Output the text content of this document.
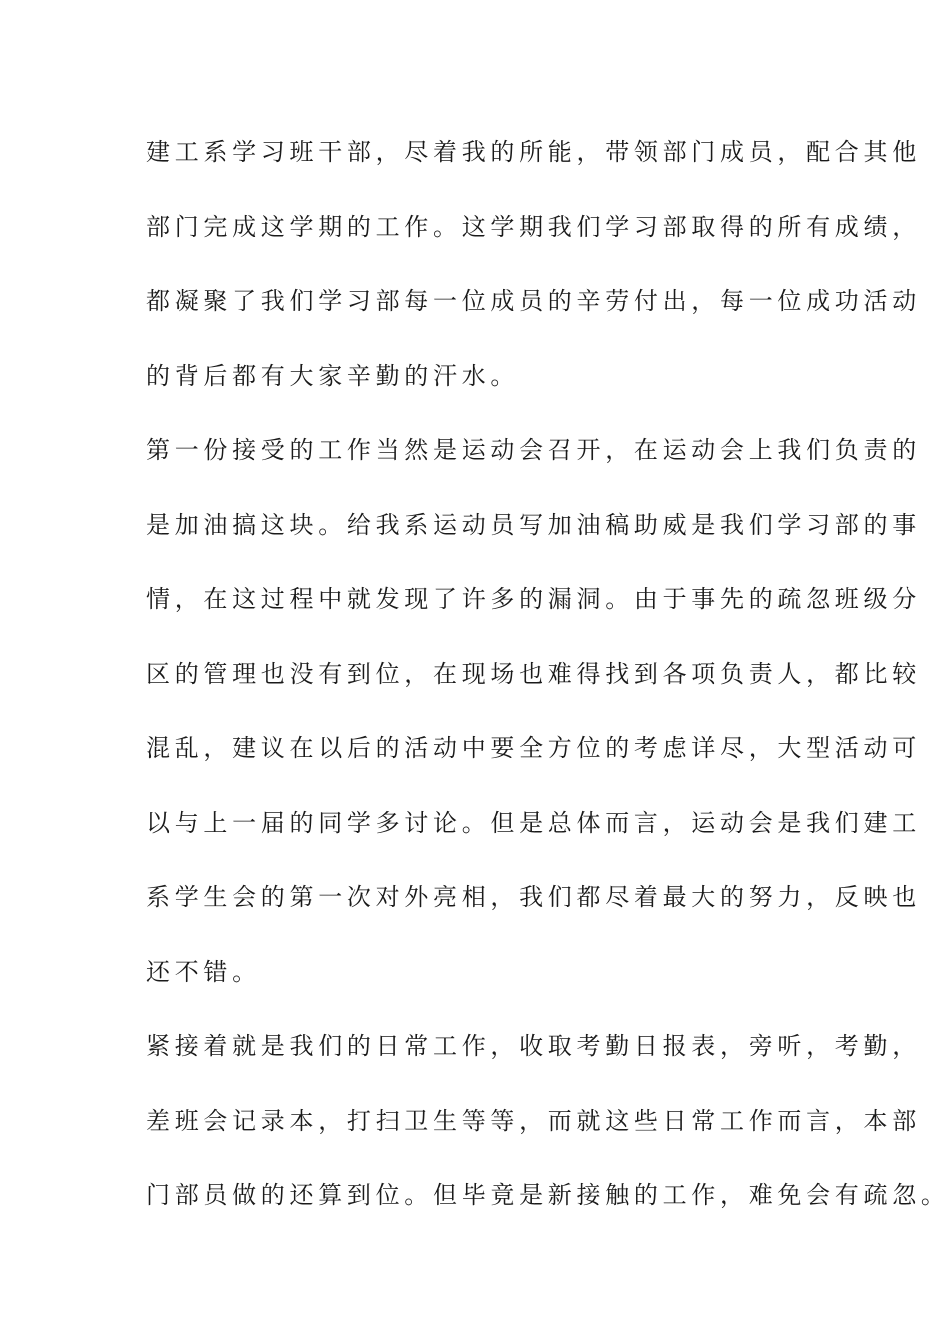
建工系学习班干部，尽着我的所能，带领部门成员，配合其他
部门完成这学期的工作。这学期我们学习部取得的所有成绩，
都凝聚了我们学习部每一位成员的辛劳付出，每一位成功活动
的背后都有大家辛勤的汗水。
第一份接受的工作当然是运动会召开，在运动会上我们负责的
是加油搞这块。给我系运动员写加油稿助威是我们学习部的事
情，在这过程中就发现了许多的漏洞。由于事先的疏忽班级分
区的管理也没有到位，在现场也难得找到各项负责人，都比较
混乱，建议在以后的活动中要全方位的考虑详尽，大型活动可
以与上一届的同学多讨论。但是总体而言，运动会是我们建工
系学生会的第一次对外亮相，我们都尽着最大的努力，反映也
还不错。
紧接着就是我们的日常工作，收取考勤日报表，旁听，考勤，
差班会记录本，打扫卫生等等，而就这些日常工作而言，本部
门部员做的还算到位。但毕竟是新接触的工作，难免会有疏忽。
